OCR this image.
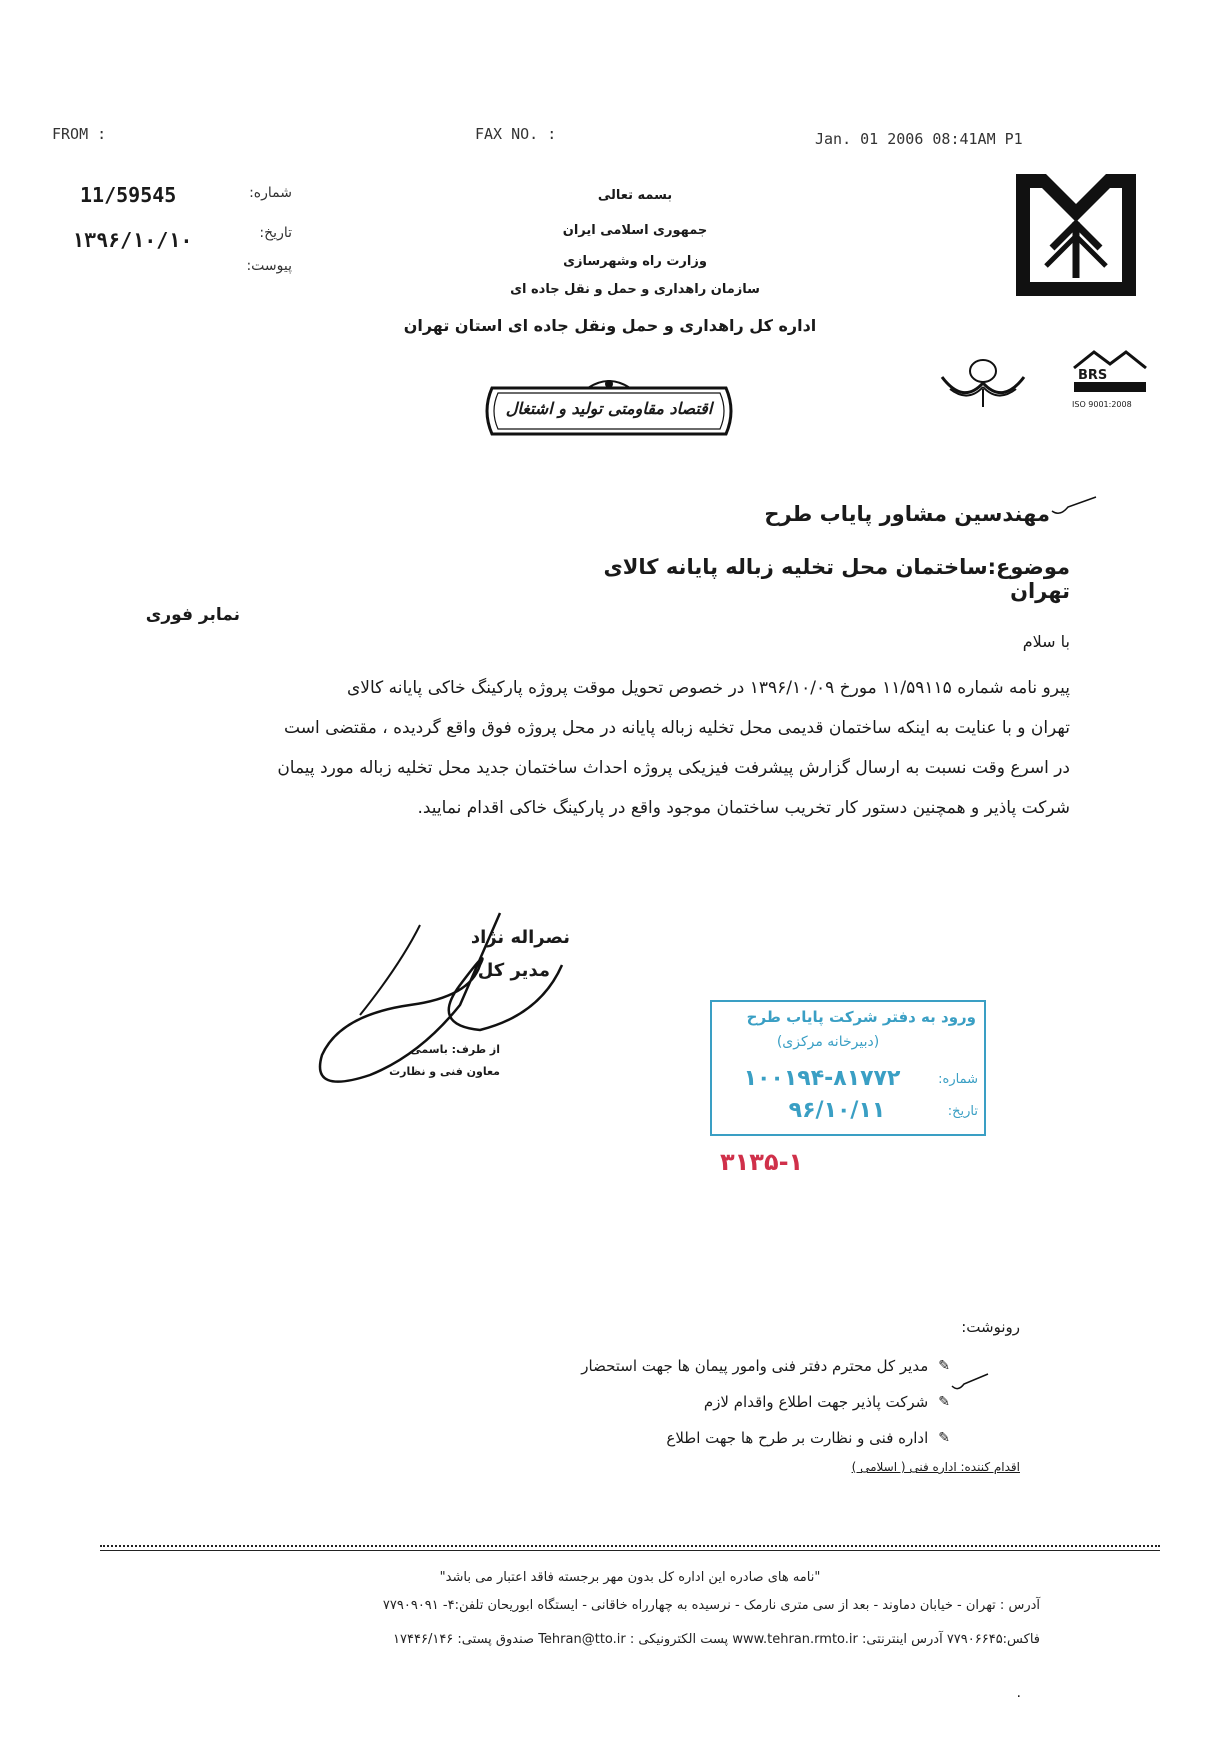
FROM :	FAX NO. :	Jan. 01 2006 08:41AM P1
شماره:
11/59545
تاریخ:
۱۳۹۶/۱۰/۱۰
پیوست:
بسمه تعالی
جمهوری اسلامی ایران
وزارت راه وشهرسازی
سازمان راهداری و حمل و نقل جاده ای
اداره کل راهداری و حمل ونقل جاده ای استان تهران
اقتصاد مقاومتی تولید و اشتغال
BRS
ISO 9001:2008
مهندسین مشاور پایاب طرح
موضوع:ساختمان محل تخلیه زباله پایانه کالای تهران
نمابر فوری
با سلام
پیرو نامه شماره ۱۱/۵۹۱۱۵ مورخ ۱۳۹۶/۱۰/۰۹ در خصوص تحویل موقت پروژه پارکینگ خاکی پایانه کالای
تهران و با عنایت به اینکه ساختمان قدیمی محل تخلیه زباله پایانه در محل پروژه فوق واقع گردیده ، مقتضی است
در اسرع وقت نسبت به ارسال گزارش پیشرفت فیزیکی پروژه احداث ساختمان جدید محل تخلیه زباله مورد پیمان
شرکت پاذیر و همچنین دستور کار تخریب ساختمان موجود واقع در پارکینگ خاکی اقدام نمایید.
نصراله نژاد
مدیر کل
از طرف: باسمی
معاون فنی و نظارت
ورود به دفتر شرکت پایاب طرح
(دبیرخانه مرکزی)
شماره:
۱۰۰۱۹۴-۸۱۷۷۲
تاریخ:
۹۶/۱۰/۱۱
۳۱۳۵-۱
رونوشت:
✎
مدیر کل محترم دفتر فنی وامور پیمان ها جهت استحضار
✎
شرکت پاذیر جهت اطلاع واقدام لازم
✎
اداره فنی و نظارت بر طرح ها جهت اطلاع
اقدام کننده: اداره فنی ( اسلامی )
"نامه های صادره این اداره کل بدون مهر برجسته فاقد اعتبار می باشد"
آدرس : تهران - خیابان دماوند - بعد از سی متری نارمک - نرسیده به چهارراه خاقانی - ایستگاه ابوریحان تلفن:۴- ۷۷۹۰۹۰۹۱
فاکس:۷۷۹۰۶۶۴۵ آدرس اینترنتی: www.tehran.rmto.ir پست الکترونیکی : Tehran@tto.ir صندوق پستی: ۱۷۴۴۶/۱۴۶
٠
